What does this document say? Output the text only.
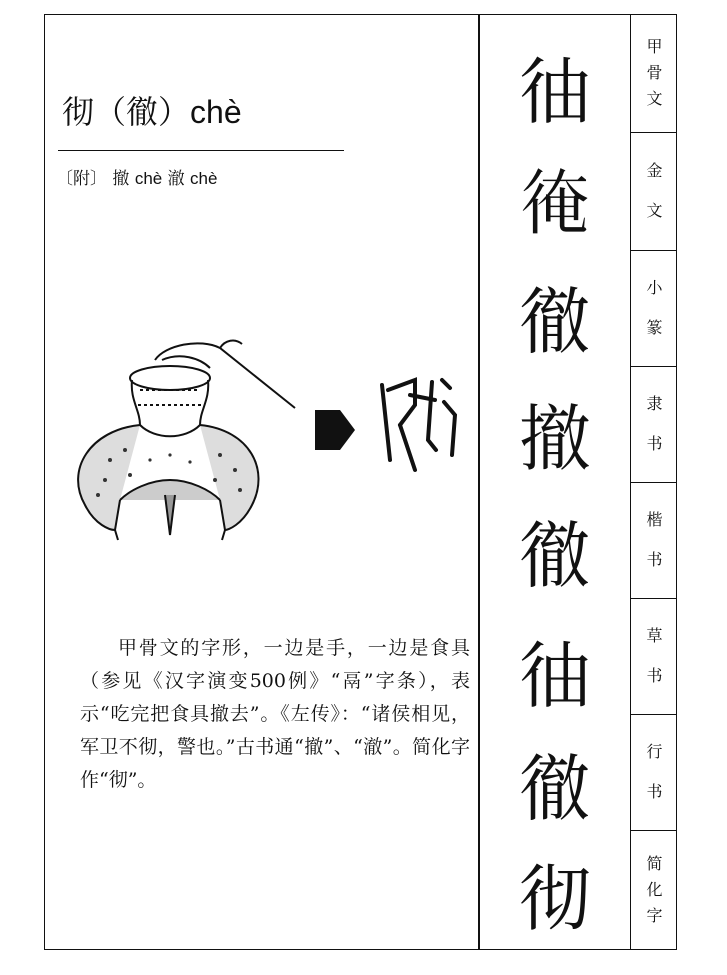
彻（徹）chè
〔附〕 撤 chè 澈 chè
甲骨文的字形，一边是手，一边是食具（参见《汉字演变500例》“鬲”字条），表示“吃完把食具撤去”。《左传》：“诸侯相见，军卫不彻，警也。”古书通“撤”、“澈”。简化字作“彻”。
㣙
𢔂
徹
撤
徹
㣙
徹
彻
甲
骨
文
金
文
小
篆
隶
书
楷
书
草
书
行
书
简
化
字
